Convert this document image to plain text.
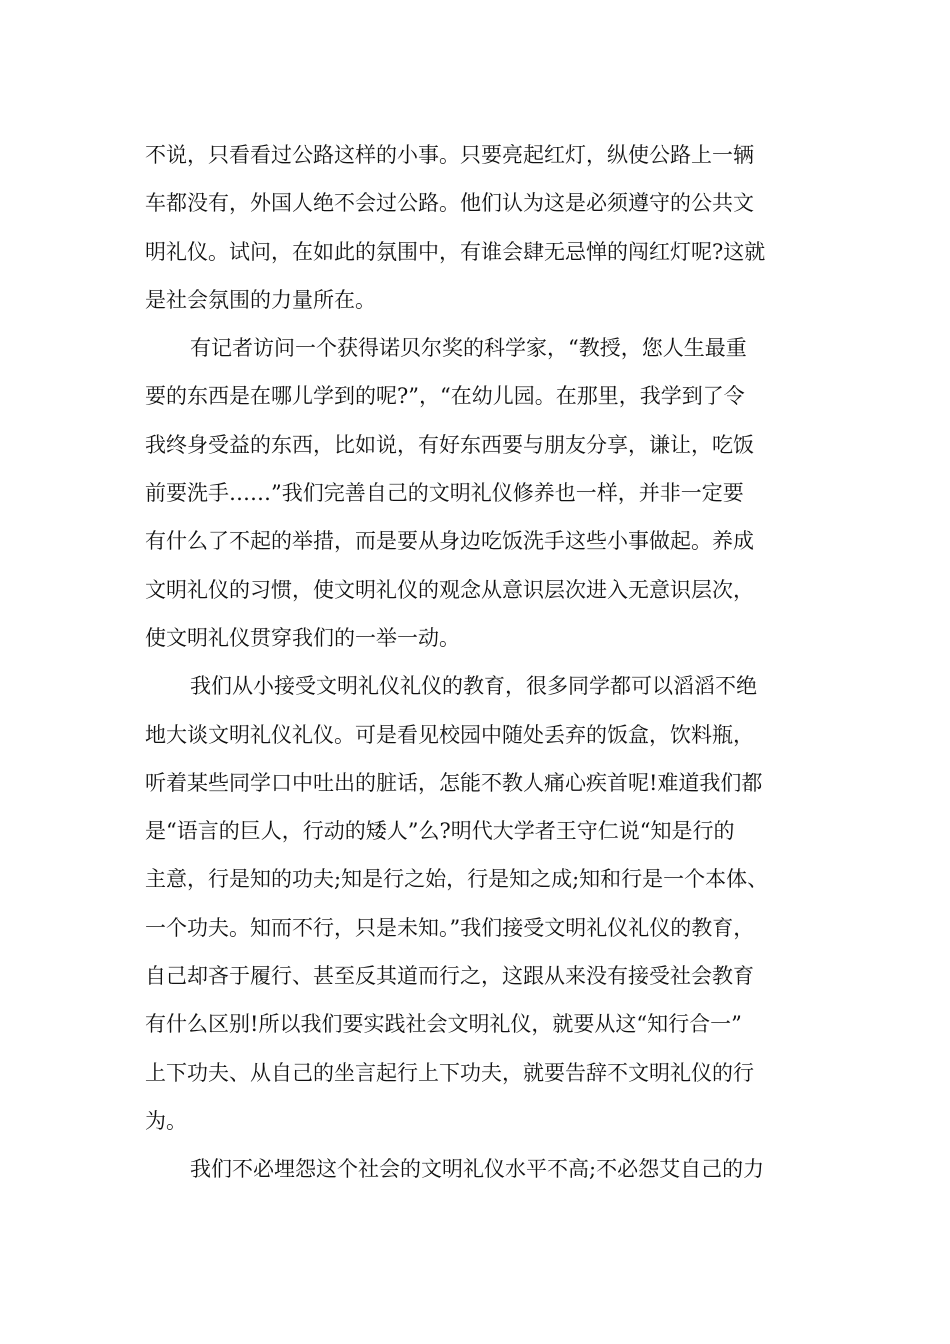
不说，只看看过公路这样的小事。只要亮起红灯，纵使公路上一辆
车都没有，外国人绝不会过公路。他们认为这是必须遵守的公共文
明礼仪。试问，在如此的氛围中，有谁会肆无忌惮的闯红灯呢?这就
是社会氛围的力量所在。
有记者访问一个获得诺贝尔奖的科学家，“教授，您人生最重
要的东西是在哪儿学到的呢?”，“在幼儿园。在那里，我学到了令
我终身受益的东西，比如说，有好东西要与朋友分享，谦让，吃饭
前要洗手……”我们完善自己的文明礼仪修养也一样，并非一定要
有什么了不起的举措，而是要从身边吃饭洗手这些小事做起。养成
文明礼仪的习惯，使文明礼仪的观念从意识层次进入无意识层次，
使文明礼仪贯穿我们的一举一动。
我们从小接受文明礼仪礼仪的教育，很多同学都可以滔滔不绝
地大谈文明礼仪礼仪。可是看见校园中随处丢弃的饭盒，饮料瓶，
听着某些同学口中吐出的脏话，怎能不教人痛心疾首呢!难道我们都
是“语言的巨人，行动的矮人”么?明代大学者王守仁说“知是行的
主意，行是知的功夫;知是行之始，行是知之成;知和行是一个本体、
一个功夫。知而不行，只是未知。”我们接受文明礼仪礼仪的教育，
自己却吝于履行、甚至反其道而行之，这跟从来没有接受社会教育
有什么区别!所以我们要实践社会文明礼仪，就要从这“知行合一”
上下功夫、从自己的坐言起行上下功夫，就要告辞不文明礼仪的行
为。
我们不必埋怨这个社会的文明礼仪水平不高;不必怨艾自己的力
